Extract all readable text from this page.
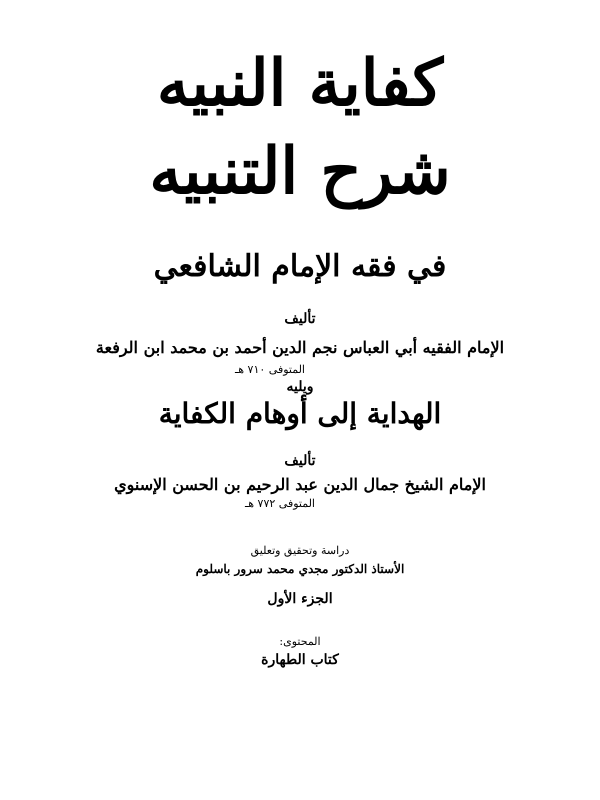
كفاية النبيه
شرح التنبيه
في فقه الإمام الشافعي
تأليف
الإمام الفقيه أبي العباس نجم الدين أحمد بن محمد ابن الرفعة
المتوفى ٧١٠ هـ
ويليه
الهداية إلى أوهام الكفاية
تأليف
الإمام الشيخ جمال الدين عبد الرحيم بن الحسن الإسنوي
المتوفى ٧٧٢ هـ
دراسة وتحقيق وتعليق
الأستاذ الدكتور مجدي محمد سرور باسلوم
الجزء الأول
المحتوى:
كتاب الطهارة
